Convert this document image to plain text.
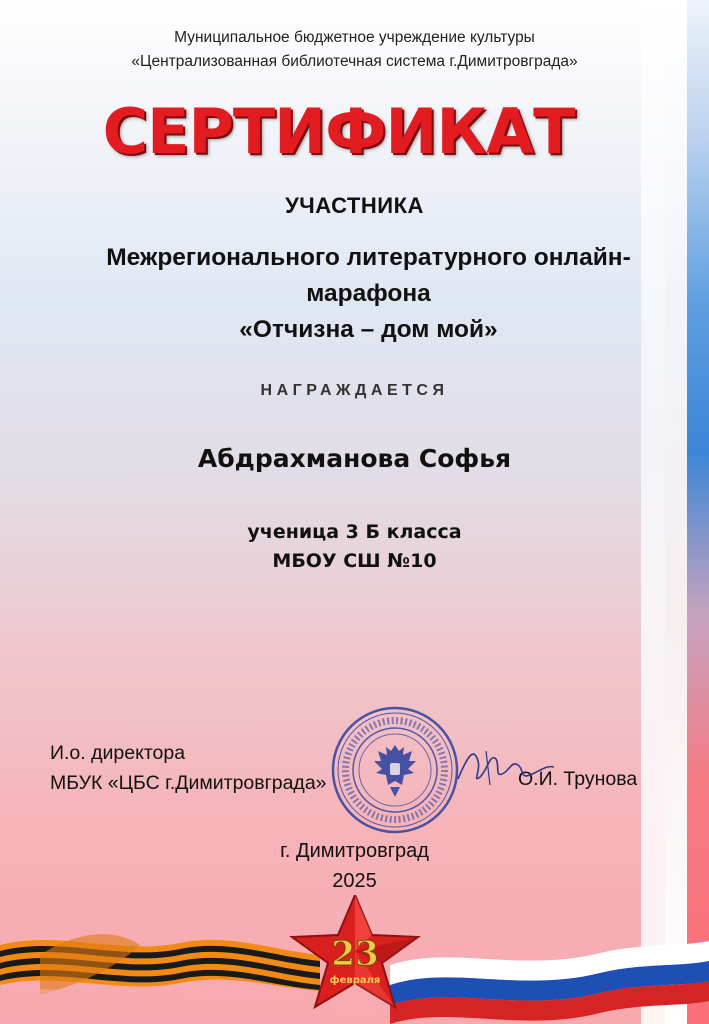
Муниципальное бюджетное учреждение культуры
«Централизованная библиотечная система г.Димитровграда»
СЕРТИФИКАТ
УЧАСТНИКА
Межрегионального литературного онлайн-
марафона
«Отчизна – дом мой»
НАГРАЖДАЕТСЯ
Абдрахманова Софья
ученица 3 Б класса
МБОУ СШ №10
И.о. директора
МБУК «ЦБС г.Димитровграда»	О.И. Трунова
г. Димитровград
2025
23
февраля
